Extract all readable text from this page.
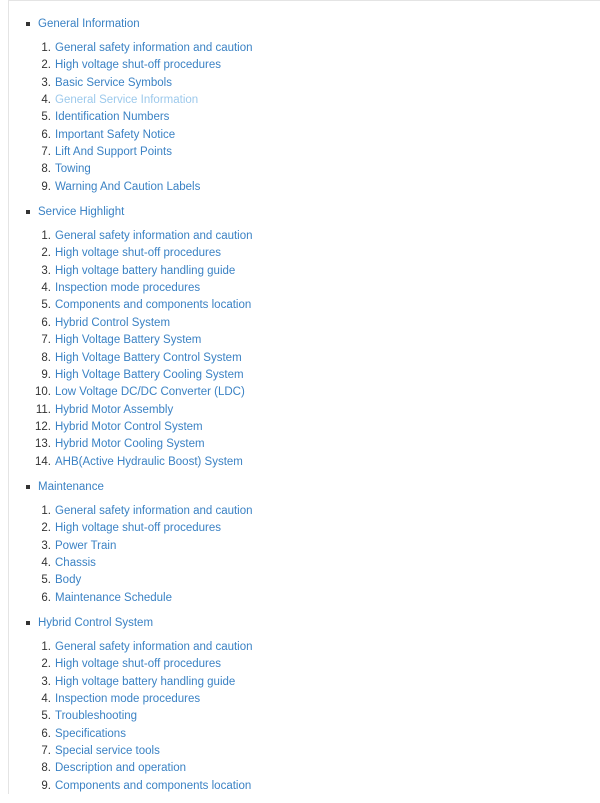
General Information
1. General safety information and caution
2. High voltage shut-off procedures
3. Basic Service Symbols
4. General Service Information
5. Identification Numbers
6. Important Safety Notice
7. Lift And Support Points
8. Towing
9. Warning And Caution Labels
Service Highlight
1. General safety information and caution
2. High voltage shut-off procedures
3. High voltage battery handling guide
4. Inspection mode procedures
5. Components and components location
6. Hybrid Control System
7. High Voltage Battery System
8. High Voltage Battery Control System
9. High Voltage Battery Cooling System
10. Low Voltage DC/DC Converter (LDC)
11. Hybrid Motor Assembly
12. Hybrid Motor Control System
13. Hybrid Motor Cooling System
14. AHB(Active Hydraulic Boost) System
Maintenance
1. General safety information and caution
2. High voltage shut-off procedures
3. Power Train
4. Chassis
5. Body
6. Maintenance Schedule
Hybrid Control System
1. General safety information and caution
2. High voltage shut-off procedures
3. High voltage battery handling guide
4. Inspection mode procedures
5. Troubleshooting
6. Specifications
7. Special service tools
8. Description and operation
9. Components and components location
